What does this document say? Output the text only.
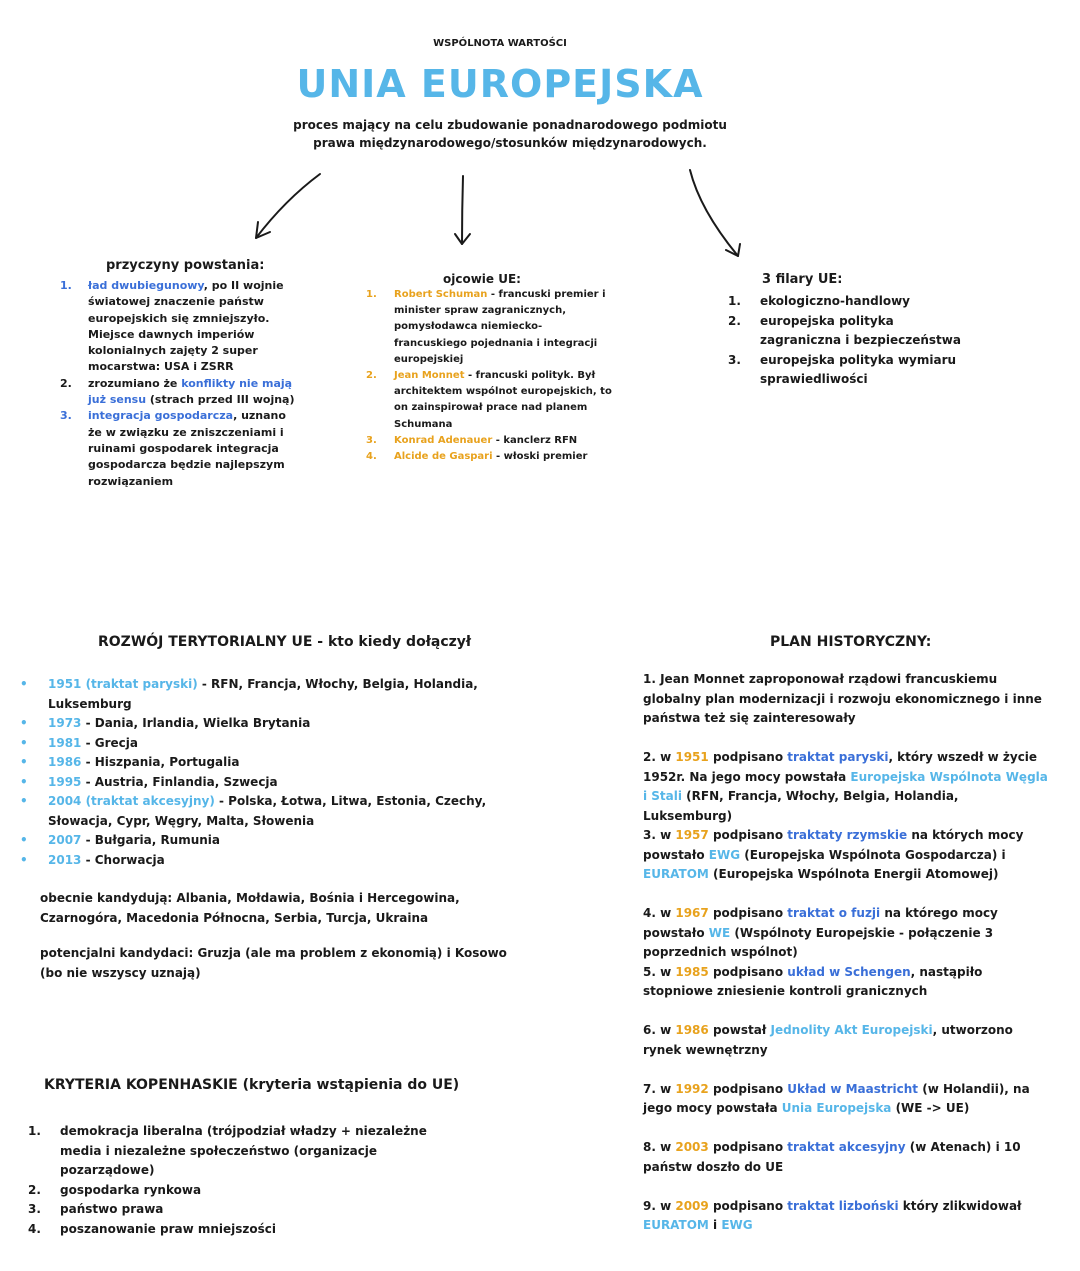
WSPÓLNOTA WARTOŚCI
UNIA EUROPEJSKA
proces mający na celu zbudowanie ponadnarodowego podmiotu
prawa międzynarodowego/stosunków międzynarodowych.
przyczyny powstania:
1. ład dwubiegunowy, po II wojnie światowej znaczenie państw europejskich się zmniejszyło. Miejsce dawnych imperiów kolonialnych zajęty 2 super mocarstwa: USA i ZSRR
2. zrozumiano że konflikty nie mają już sensu (strach przed III wojną)
3. integracja gospodarcza, uznano że w związku ze zniszczeniami i ruinami gospodarek integracja gospodarcza będzie najlepszym rozwiązaniem
ojcowie UE:
1. Robert Schuman - francuski premier i minister spraw zagranicznych, pomysłodawca niemiecko-francuskiego pojednania i integracji europejskiej
2. Jean Monnet - francuski polityk. Był architektem wspólnot europejskich, to on zainspirował prace nad planem Schumana
3. Konrad Adenauer - kanclerz RFN
4. Alcide de Gaspari - włoski premier
3 filary UE:
1. ekologiczno-handlowy
2. europejska polityka zagraniczna i bezpieczeństwa
3. europejska polityka wymiaru sprawiedliwości
ROZWÓJ TERYTORIALNY UE - kto kiedy dołączył
• 1951 (traktat paryski) - RFN, Francja, Włochy, Belgia, Holandia, Luksemburg
• 1973 - Dania, Irlandia, Wielka Brytania
• 1981 - Grecja
• 1986 - Hiszpania, Portugalia
• 1995 - Austria, Finlandia, Szwecja
• 2004 (traktat akcesyjny) - Polska, Łotwa, Litwa, Estonia, Czechy, Słowacja, Cypr, Węgry, Malta, Słowenia
• 2007 - Bułgaria, Rumunia
• 2013 - Chorwacja
obecnie kandydują: Albania, Mołdawia, Bośnia i Hercegowina, Czarnogóra, Macedonia Północna, Serbia, Turcja, Ukraina
potencjalni kandydaci: Gruzja (ale ma problem z ekonomią) i Kosowo (bo nie wszyscy uznają)
KRYTERIA KOPENHASKIE (kryteria wstąpienia do UE)
1. demokracja liberalna (trójpodział władzy + niezależne media i niezależne społeczeństwo (organizacje pozarządowe)
2. gospodarka rynkowa
3. państwo prawa
4. poszanowanie praw mniejszości
PLAN HISTORYCZNY:
1. Jean Monnet zaproponował rządowi francuskiemu globalny plan modernizacji i rozwoju ekonomicznego i inne państwa też się zainteresowały
2. w 1951 podpisano traktat paryski, który wszedł w życie 1952r. Na jego mocy powstała Europejska Wspólnota Węgla i Stali (RFN, Francja, Włochy, Belgia, Holandia, Luksemburg)
3. w 1957 podpisano traktaty rzymskie na których mocy powstało EWG (Europejska Wspólnota Gospodarcza) i EURATOM (Europejska Wspólnota Energii Atomowej)
4. w 1967 podpisano traktat o fuzji na którego mocy powstało WE (Wspólnoty Europejskie - połączenie 3 poprzednich wspólnot)
5. w 1985 podpisano układ w Schengen, nastąpiło stopniowe zniesienie kontroli granicznych
6. w 1986 powstał Jednolity Akt Europejski, utworzono rynek wewnętrzny
7. w 1992 podpisano Układ w Maastricht (w Holandii), na jego mocy powstała Unia Europejska (WE -> UE)
8. w 2003 podpisano traktat akcesyjny (w Atenach) i 10 państw doszło do UE
9. w 2009 podpisano traktat lizboński który zlikwidował EURATOM i EWG
